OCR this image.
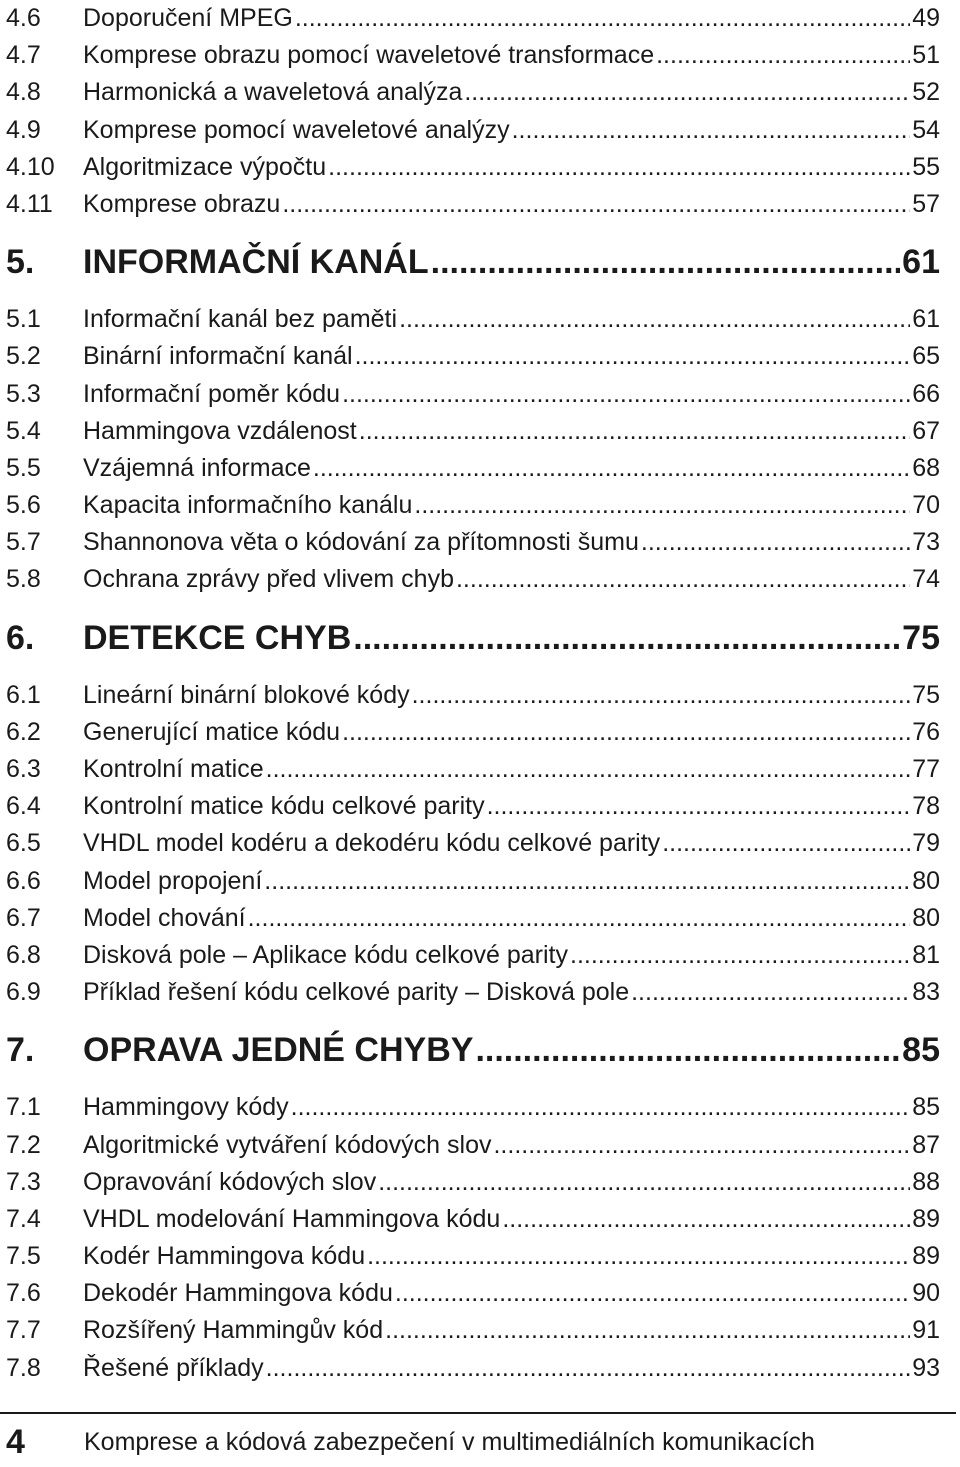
4.6	Doporučení MPEG .....	49
4.7	Komprese obrazu pomocí waveletové transformace .....	51
4.8	Harmonická a waveletová analýza .....	52
4.9	Komprese pomocí waveletové analýzy .....	54
4.10	Algoritmizace výpočtu .....	55
4.11	Komprese obrazu .....	57
5.	INFORMAČNÍ KANÁL .....	61
5.1	Informační kanál bez paměti .....	61
5.2	Binární informační kanál .....	65
5.3	Informační poměr kódu .....	66
5.4	Hammingova vzdálenost .....	67
5.5	Vzájemná informace .....	68
5.6	Kapacita informačního kanálu .....	70
5.7	Shannonova věta o kódování za přítomnosti šumu .....	73
5.8	Ochrana zprávy před vlivem chyb .....	74
6.	DETEKCE CHYB .....	75
6.1	Lineární binární blokové kódy .....	75
6.2	Generující matice kódu .....	76
6.3	Kontrolní matice .....	77
6.4	Kontrolní matice kódu celkové parity .....	78
6.5	VHDL model kodéru a dekodéru kódu celkové parity .....	79
6.6	Model propojení .....	80
6.7	Model chování .....	80
6.8	Disková pole – Aplikace kódu celkové parity .....	81
6.9	Příklad řešení kódu celkové parity – Disková pole .....	83
7.	OPRAVA JEDNÉ CHYBY .....	85
7.1	Hammingovy kódy .....	85
7.2	Algoritmické vytváření kódových slov .....	87
7.3	Opravování kódových slov .....	88
7.4	VHDL modelování Hammingova kódu .....	89
7.5	Kodér Hammingova kódu .....	89
7.6	Dekodér Hammingova kódu .....	90
7.7	Rozšířený Hammingův kód .....	91
7.8	Řešené příklady .....	93
4	Komprese a kódová zabezpečení v multimediálních komunikacích
